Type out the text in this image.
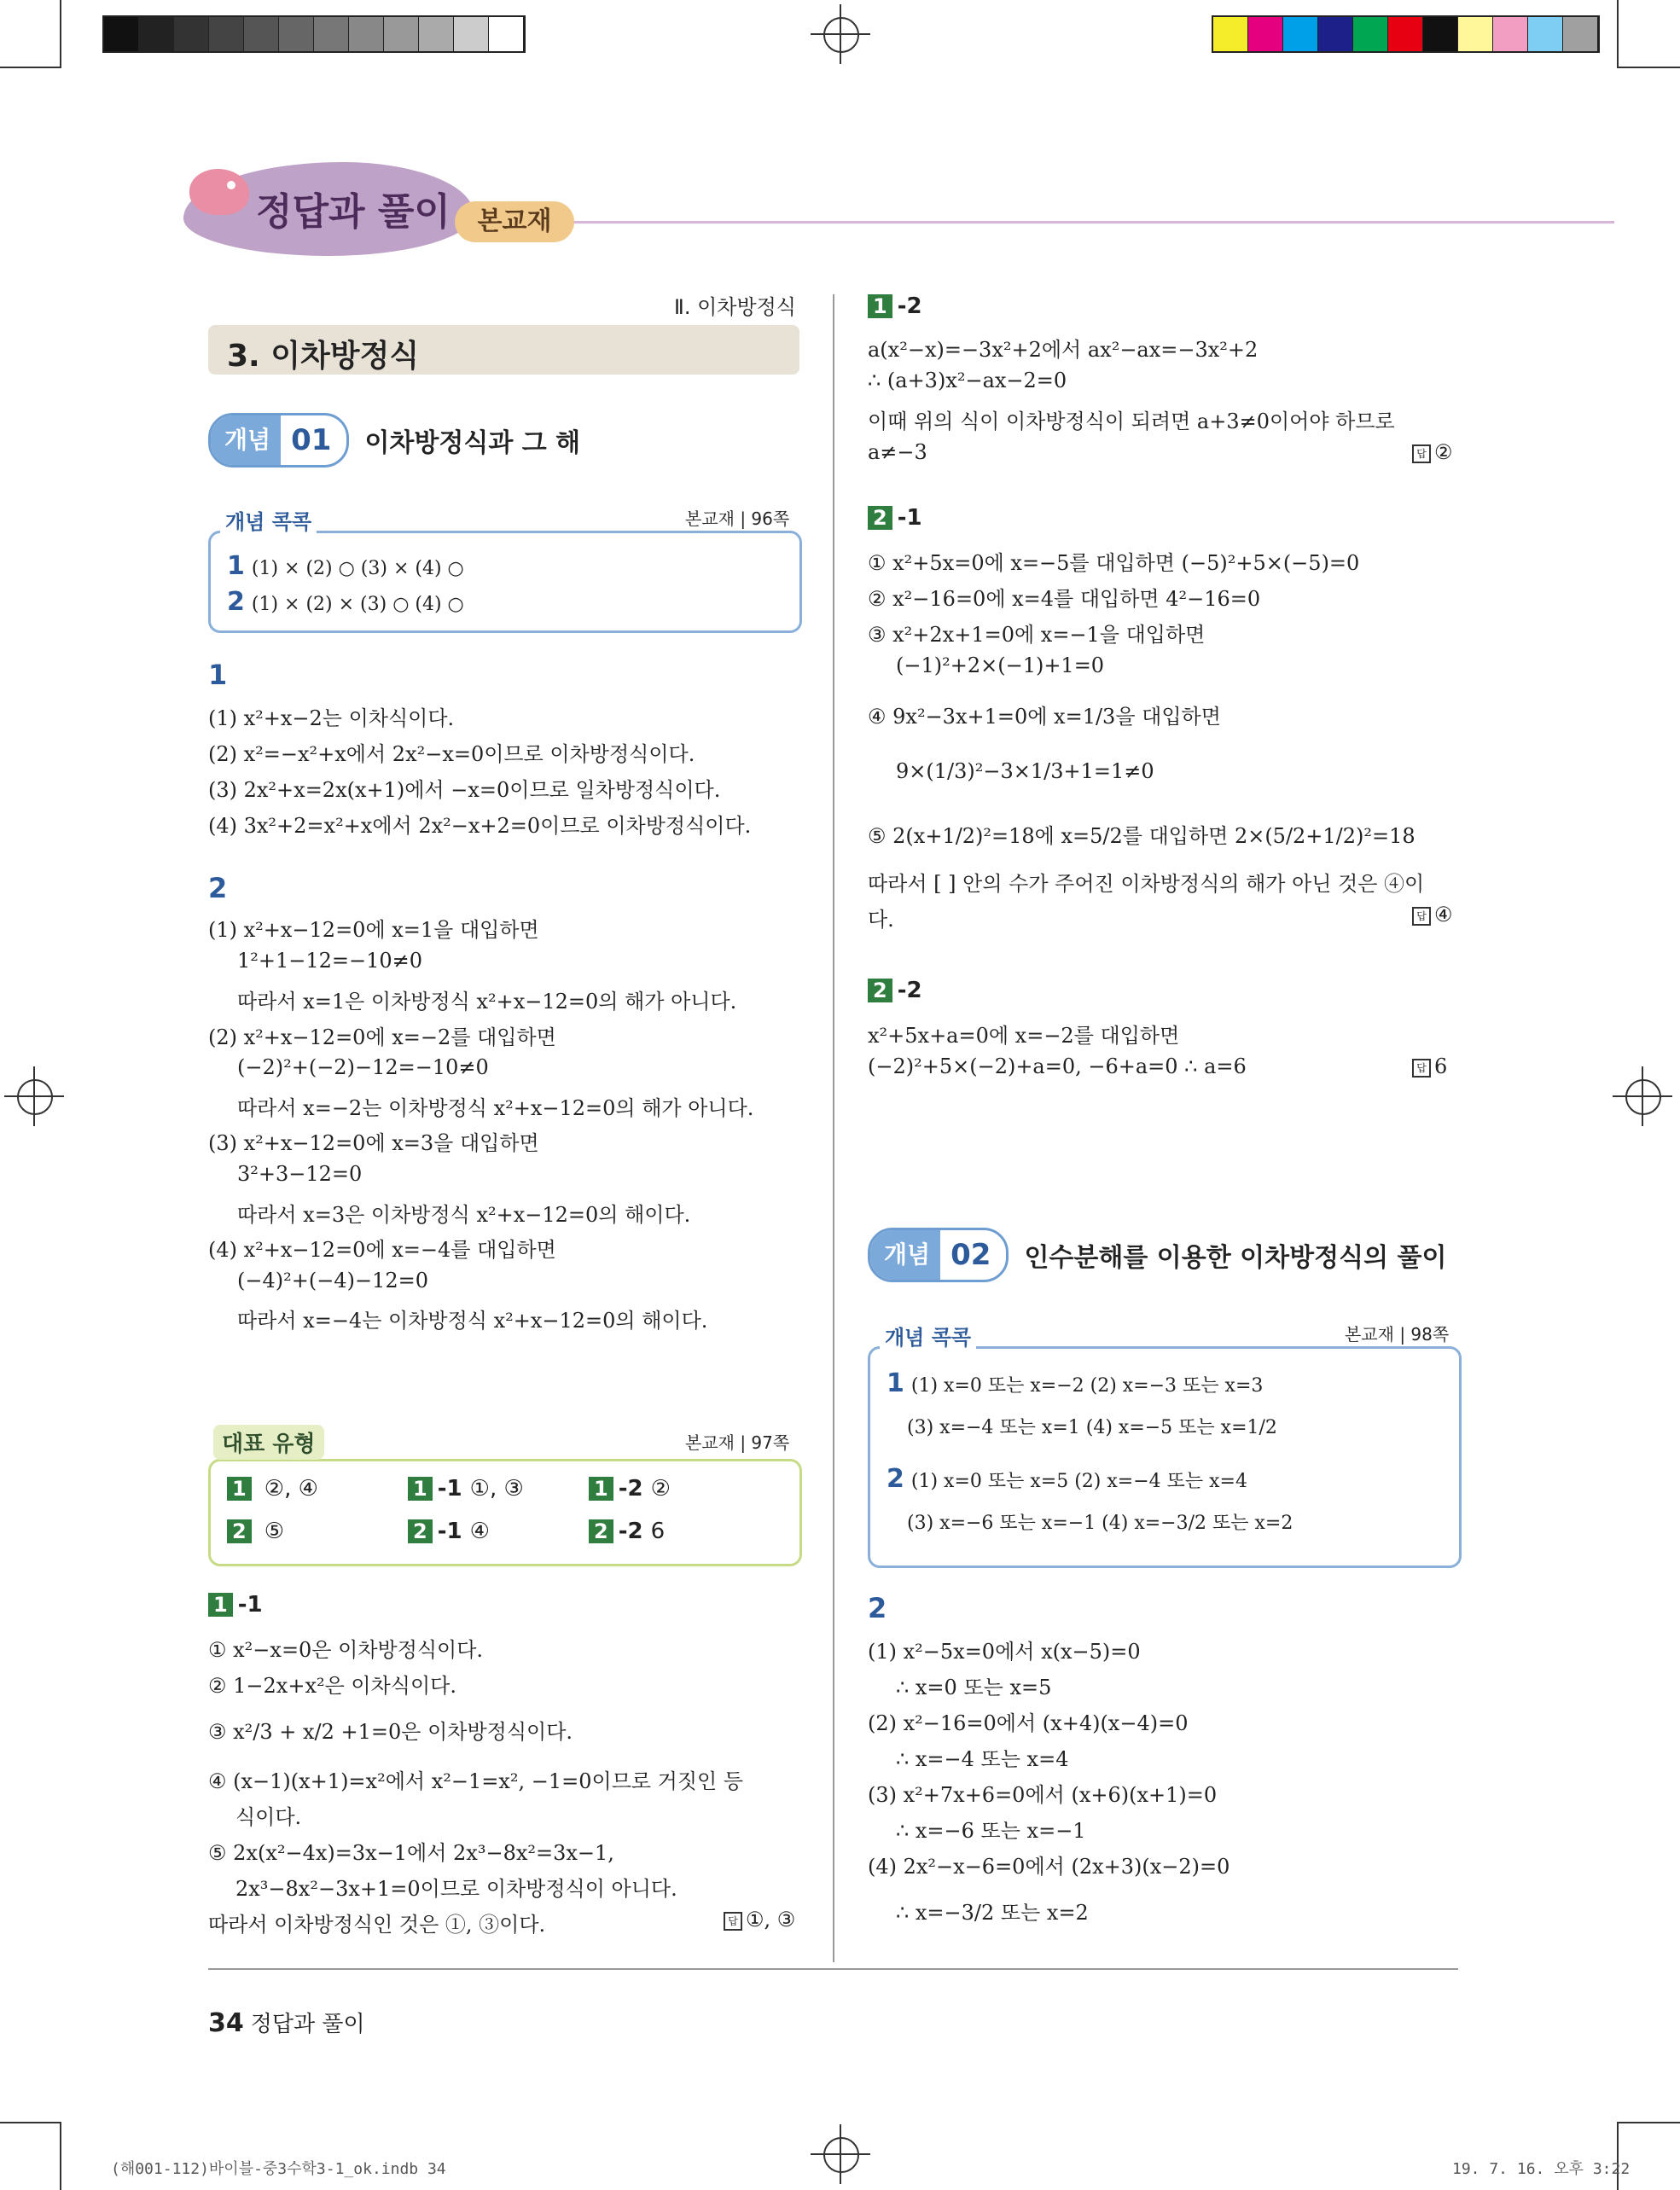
정답과 풀이	본교재
Ⅱ. 이차방정식
3. 이차방정식
개념 01	이차방정식과 그 해
개념 콕콕	본교재 | 96쪽
1 (1) × (2) ○ (3) × (4) ○
2 (1) × (2) × (3) ○ (4) ○
1
(1) x²+x−2는 이차식이다.
(2) x²=−x²+x에서 2x²−x=0이므로 이차방정식이다.
(3) 2x²+x=2x(x+1)에서 −x=0이므로 일차방정식이다.
(4) 3x²+2=x²+x에서 2x²−x+2=0이므로 이차방정식이다.
2
(1) x²+x−12=0에 x=1을 대입하면
1²+1−12=−10≠0
따라서 x=1은 이차방정식 x²+x−12=0의 해가 아니다.
(2) x²+x−12=0에 x=−2를 대입하면
(−2)²+(−2)−12=−10≠0
따라서 x=−2는 이차방정식 x²+x−12=0의 해가 아니다.
(3) x²+x−12=0에 x=3을 대입하면
3²+3−12=0
따라서 x=3은 이차방정식 x²+x−12=0의 해이다.
(4) x²+x−12=0에 x=−4를 대입하면
(−4)²+(−4)−12=0
따라서 x=−4는 이차방정식 x²+x−12=0의 해이다.
대표 유형	본교재 | 97쪽
1 ②, ④	1 -1 ①, ③	1 -2 ②
2 ⑤	2 -1 ④	2 -2 6
1 -1
① x²−x=0은 이차방정식이다.
② 1−2x+x²은 이차식이다.
③ x²/3 + x/2 +1=0은 이차방정식이다.
④ (x−1)(x+1)=x²에서 x²−1=x², −1=0이므로 거짓인 등
식이다.
⑤ 2x(x²−4x)=3x−1에서 2x³−8x²=3x−1,
2x³−8x²−3x+1=0이므로 이차방정식이 아니다.
따라서 이차방정식인 것은 ①, ③이다.	답 ①, ③
1 -2
a(x²−x)=−3x²+2에서 ax²−ax=−3x²+2
∴ (a+3)x²−ax−2=0
이때 위의 식이 이차방정식이 되려면 a+3≠0이어야 하므로
a≠−3	답 ②
2 -1
① x²+5x=0에 x=−5를 대입하면 (−5)²+5×(−5)=0
② x²−16=0에 x=4를 대입하면 4²−16=0
③ x²+2x+1=0에 x=−1을 대입하면
(−1)²+2×(−1)+1=0
④ 9x²−3x+1=0에 x=1/3을 대입하면
9×(1/3)²−3×1/3+1=1≠0
⑤ 2(x+1/2)²=18에 x=5/2를 대입하면 2×(5/2+1/2)²=18
따라서 [ ] 안의 수가 주어진 이차방정식의 해가 아닌 것은 ④이
다.	답 ④
2 -2
x²+5x+a=0에 x=−2를 대입하면
(−2)²+5×(−2)+a=0, −6+a=0 ∴ a=6	답 6
개념 02	인수분해를 이용한 이차방정식의 풀이
개념 콕콕	본교재 | 98쪽
1 (1) x=0 또는 x=−2 (2) x=−3 또는 x=3
(3) x=−4 또는 x=1 (4) x=−5 또는 x=1/2
2 (1) x=0 또는 x=5 (2) x=−4 또는 x=4
(3) x=−6 또는 x=−1 (4) x=−3/2 또는 x=2
2
(1) x²−5x=0에서 x(x−5)=0
∴ x=0 또는 x=5
(2) x²−16=0에서 (x+4)(x−4)=0
∴ x=−4 또는 x=4
(3) x²+7x+6=0에서 (x+6)(x+1)=0
∴ x=−6 또는 x=−1
(4) 2x²−x−6=0에서 (2x+3)(x−2)=0
∴ x=−3/2 또는 x=2
34 정답과 풀이
(해001-112)바이블-중3수학3-1_ok.indb 34	19. 7. 16. 오후 3:22
